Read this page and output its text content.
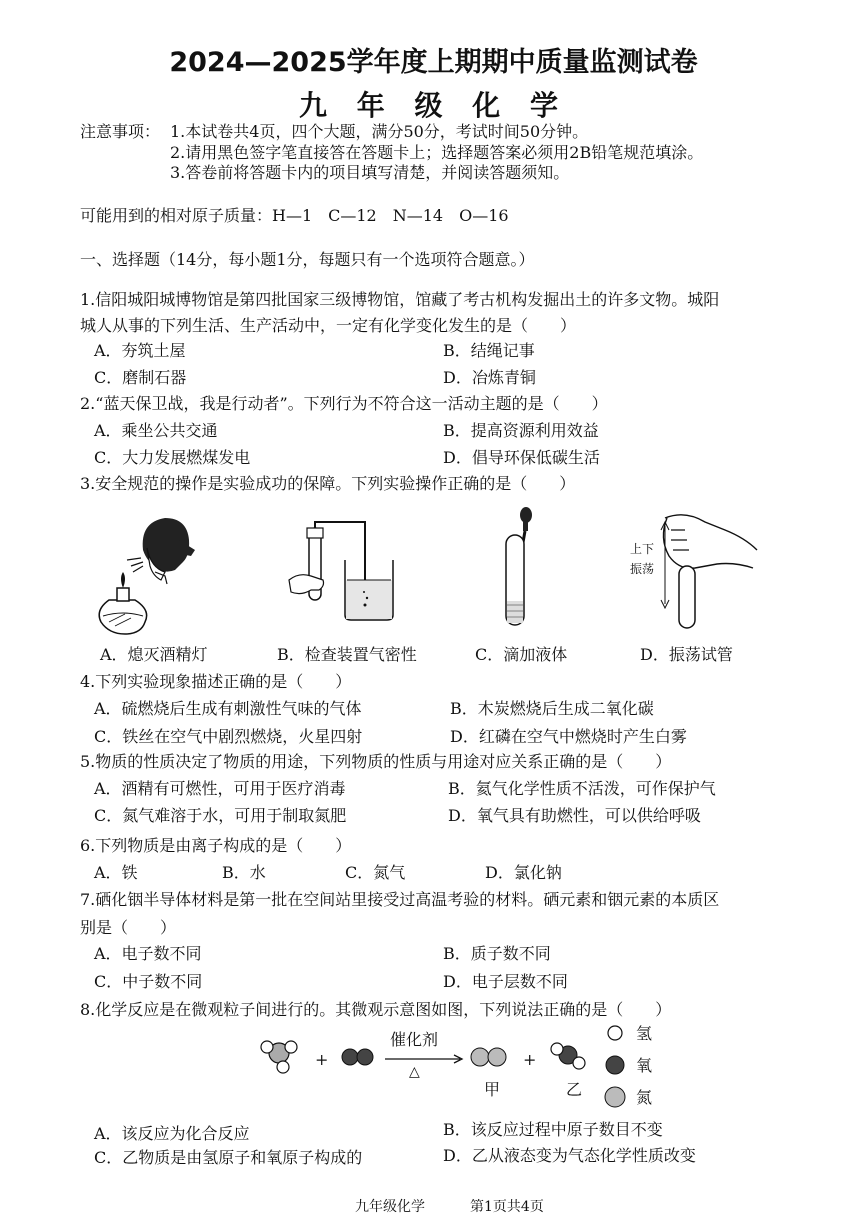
2024—2025学年度上期期中质量监测试卷
九 年 级 化 学
注意事项： 1.本试卷共4页，四个大题，满分50分，考试时间50分钟。
2.请用黑色签字笔直接答在答题卡上；选择题答案必须用2B铅笔规范填涂。
3.答卷前将答题卡内的项目填写清楚，并阅读答题须知。
可能用到的相对原子质量：H—1　C—12　N—14　O—16
一、选择题（14分，每小题1分，每题只有一个选项符合题意。）
1.信阳城阳城博物馆是第四批国家三级博物馆，馆藏了考古机构发掘出土的许多文物。城阳
城人从事的下列生活、生产活动中，一定有化学变化发生的是（　　）
A．夯筑土屋	B．结绳记事
C．磨制石器	D．冶炼青铜
2.“蓝天保卫战，我是行动者”。下列行为不符合这一活动主题的是（　　）
A．乘坐公共交通	B．提高资源利用效益
C．大力发展燃煤发电	D．倡导环保低碳生活
3.安全规范的操作是实验成功的保障。下列实验操作正确的是（　　）
上下
振荡
A．熄灭酒精灯	B．检查装置气密性	C．滴加液体	D．振荡试管
4.下列实验现象描述正确的是（　　）
A．硫燃烧后生成有刺激性气味的气体	B．木炭燃烧后生成二氧化碳
C．铁丝在空气中剧烈燃烧，火星四射	D．红磷在空气中燃烧时产生白雾
5.物质的性质决定了物质的用途，下列物质的性质与用途对应关系正确的是（　　）
A．酒精有可燃性，可用于医疗消毒	B．氦气化学性质不活泼，可作保护气
C．氮气难溶于水，可用于制取氮肥	D．氧气具有助燃性，可以供给呼吸
6.下列物质是由离子构成的是（　　）
A．铁	B．水	C．氮气	D．氯化钠
7.硒化铟半导体材料是第一批在空间站里接受过高温考验的材料。硒元素和铟元素的本质区
别是（　　）
A．电子数不同	B．质子数不同
C．中子数不同	D．电子层数不同
8.化学反应是在微观粒子间进行的。其微观示意图如图，下列说法正确的是（　　）
+	+
催化剂
△
甲	乙
氢
氧
氮
A．该反应为化合反应	B．该反应过程中原子数目不变
C．乙物质是由氢原子和氧原子构成的	D．乙从液态变为气态化学性质改变
九年级化学	第1页共4页
